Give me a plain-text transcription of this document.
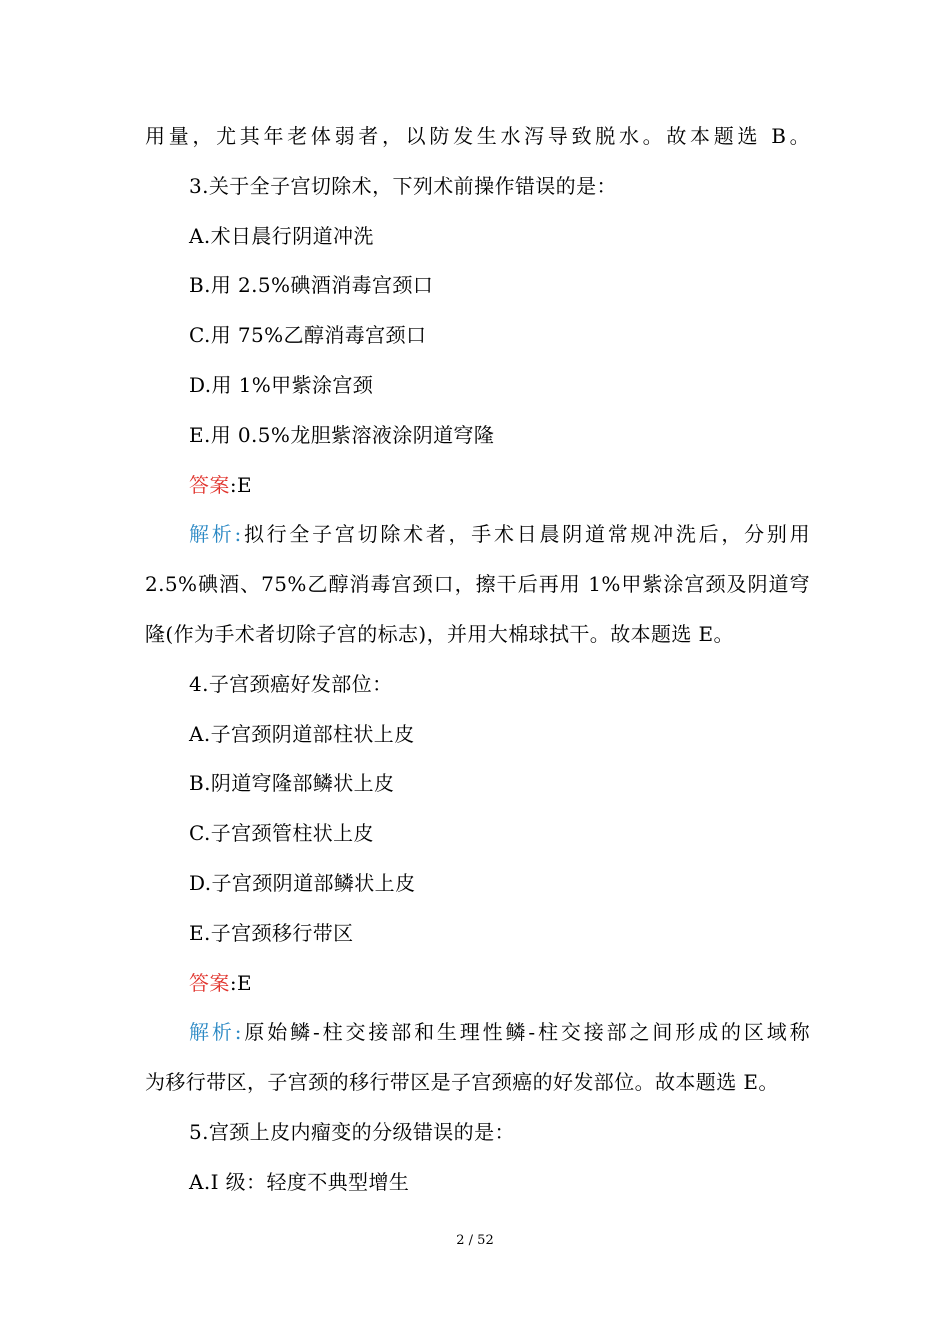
用量，尤其年老体弱者，以防发生水泻导致脱水。故本题选 B。
3.关于全子宫切除术，下列术前操作错误的是：
A.术日晨行阴道冲洗
B.用 2.5%碘酒消毒宫颈口
C.用 75%乙醇消毒宫颈口
D.用 1%甲紫涂宫颈
E.用 0.5%龙胆紫溶液涂阴道穹隆
答案:E
解析:拟行全子宫切除术者，手术日晨阴道常规冲洗后，分别用
2.5%碘酒、75%乙醇消毒宫颈口，擦干后再用 1%甲紫涂宫颈及阴道穹
隆(作为手术者切除子宫的标志)，并用大棉球拭干。故本题选 E。
4.子宫颈癌好发部位：
A.子宫颈阴道部柱状上皮
B.阴道穹隆部鳞状上皮
C.子宫颈管柱状上皮
D.子宫颈阴道部鳞状上皮
E.子宫颈移行带区
答案:E
解析:原始鳞-柱交接部和生理性鳞-柱交接部之间形成的区域称
为移行带区，子宫颈的移行带区是子宫颈癌的好发部位。故本题选 E。
5.宫颈上皮内瘤变的分级错误的是：
A.I 级：轻度不典型增生
2 / 52
